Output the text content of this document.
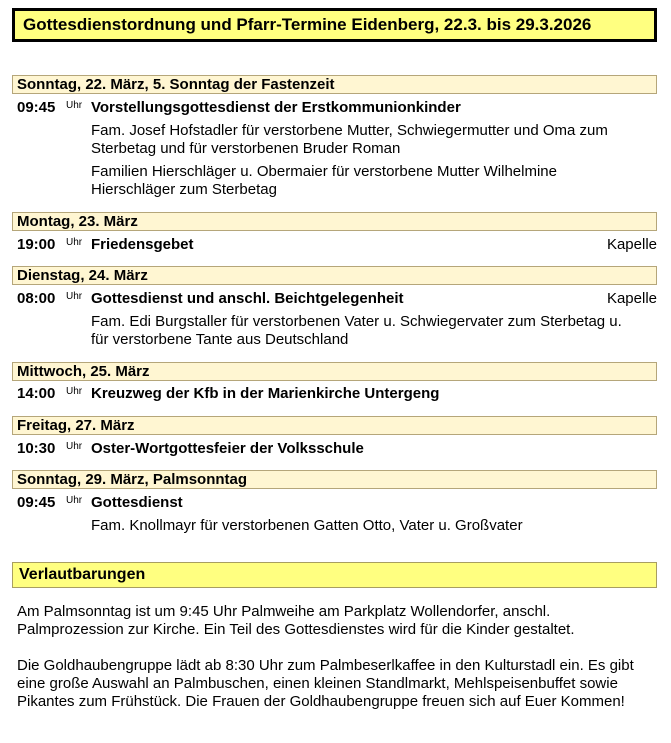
Gottesdienstordnung und Pfarr-Termine Eidenberg, 22.3. bis 29.3.2026
Sonntag, 22. März, 5. Sonntag der Fastenzeit
09:45 Uhr Vorstellungsgottesdienst der Erstkommunionkinder
Fam. Josef Hofstadler für verstorbene Mutter, Schwiegermutter und Oma zum Sterbetag und für verstorbenen Bruder Roman
Familien Hierschläger u. Obermaier für verstorbene Mutter Wilhelmine Hierschläger zum Sterbetag
Montag, 23. März
19:00 Uhr Friedensgebet	Kapelle
Dienstag, 24. März
08:00 Uhr Gottesdienst und anschl. Beichtgelegenheit	Kapelle
Fam. Edi Burgstaller für verstorbenen Vater u. Schwiegervater zum Sterbetag u. für verstorbene Tante aus Deutschland
Mittwoch, 25. März
14:00 Uhr Kreuzweg der Kfb in der Marienkirche Untergeng
Freitag, 27. März
10:30 Uhr Oster-Wortgottesfeier der Volksschule
Sonntag, 29. März, Palmsonntag
09:45 Uhr Gottesdienst
Fam. Knollmayr für verstorbenen Gatten Otto, Vater u. Großvater
Verlautbarungen
Am Palmsonntag ist um 9:45 Uhr Palmweihe am Parkplatz Wollendorfer, anschl. Palmprozession zur Kirche. Ein Teil des Gottesdienstes wird für die Kinder gestaltet.
Die Goldhaubengruppe lädt ab 8:30 Uhr zum Palmbeserlkaffee in den Kulturstadl ein. Es gibt eine große Auswahl an Palmbuschen, einen kleinen Standlmarkt, Mehlspeisenbuffet sowie Pikantes zum Frühstück. Die Frauen der Goldhaubengruppe freuen sich auf Euer Kommen!
